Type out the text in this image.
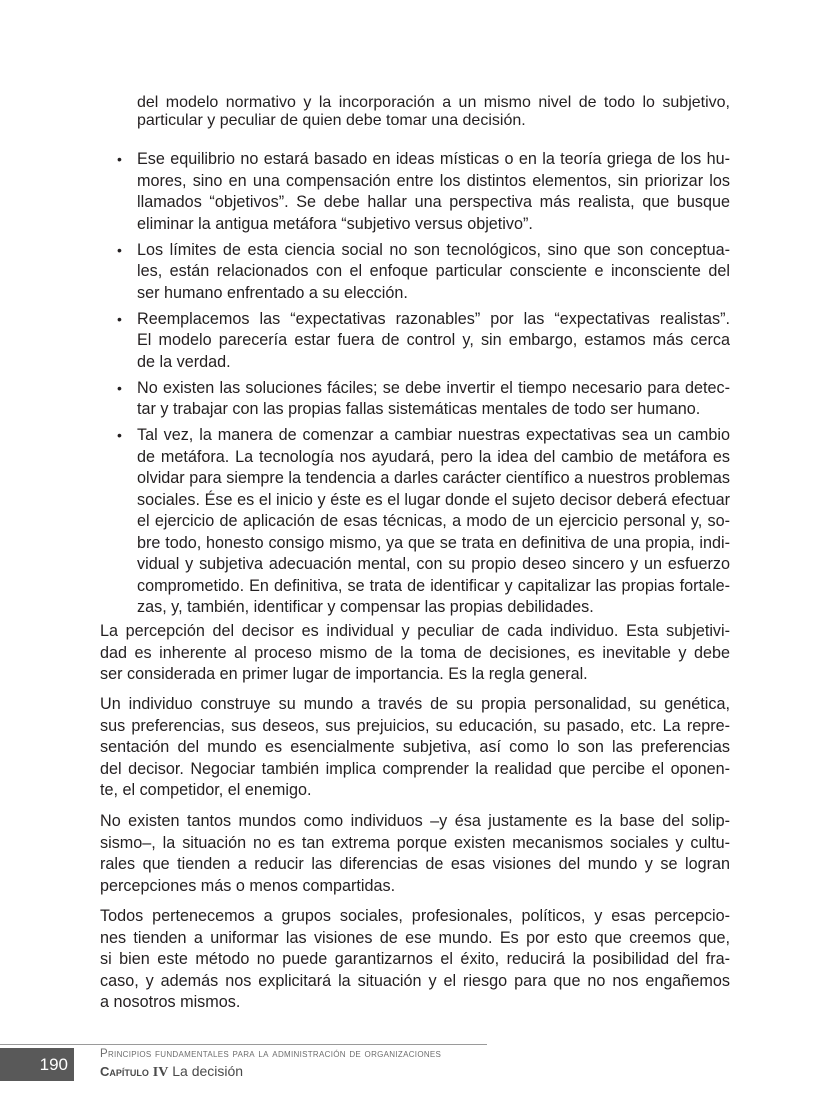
del modelo normativo y la incorporación a un mismo nivel de todo lo subjetivo,
particular y peculiar de quien debe tomar una decisión.
• Ese equilibrio no estará basado en ideas místicas o en la teoría griega de los hu-
mores, sino en una compensación entre los distintos elementos, sin priorizar los
llamados “objetivos”. Se debe hallar una perspectiva más realista, que busque
eliminar la antigua metáfora “subjetivo versus objetivo”.
• Los límites de esta ciencia social no son tecnológicos, sino que son conceptua-
les, están relacionados con el enfoque particular consciente e inconsciente del
ser humano enfrentado a su elección.
• Reemplacemos las “expectativas razonables” por las “expectativas realistas”.
El modelo parecería estar fuera de control y, sin embargo, estamos más cerca
de la verdad.
• No existen las soluciones fáciles; se debe invertir el tiempo necesario para detec-
tar y trabajar con las propias fallas sistemáticas mentales de todo ser humano.
• Tal vez, la manera de comenzar a cambiar nuestras expectativas sea un cambio
de metáfora. La tecnología nos ayudará, pero la idea del cambio de metáfora es
olvidar para siempre la tendencia a darles carácter científico a nuestros problemas
sociales. Ése es el inicio y éste es el lugar donde el sujeto decisor deberá efectuar
el ejercicio de aplicación de esas técnicas, a modo de un ejercicio personal y, so-
bre todo, honesto consigo mismo, ya que se trata en definitiva de una propia, indi-
vidual y subjetiva adecuación mental, con su propio deseo sincero y un esfuerzo
comprometido. En definitiva, se trata de identificar y capitalizar las propias fortale-
zas, y, también, identificar y compensar las propias debilidades.
La percepción del decisor es individual y peculiar de cada individuo. Esta subjetivi-
dad es inherente al proceso mismo de la toma de decisiones, es inevitable y debe
ser considerada en primer lugar de importancia. Es la regla general.
Un individuo construye su mundo a través de su propia personalidad, su genética,
sus preferencias, sus deseos, sus prejuicios, su educación, su pasado, etc. La repre-
sentación del mundo es esencialmente subjetiva, así como lo son las preferencias
del decisor. Negociar también implica comprender la realidad que percibe el oponen-
te, el competidor, el enemigo.
No existen tantos mundos como individuos –y ésa justamente es la base del solip-
sismo–, la situación no es tan extrema porque existen mecanismos sociales y cultu-
rales que tienden a reducir las diferencias de esas visiones del mundo y se logran
percepciones más o menos compartidas.
Todos pertenecemos a grupos sociales, profesionales, políticos, y esas percepcio-
nes tienden a uniformar las visiones de ese mundo. Es por esto que creemos que,
si bien este método no puede garantizarnos el éxito, reducirá la posibilidad del fra-
caso, y además nos explicitará la situación y el riesgo para que no nos engañemos
a nosotros mismos.
190
Principios fundamentales para la administración de organizaciones
Capítulo IV La decisión
